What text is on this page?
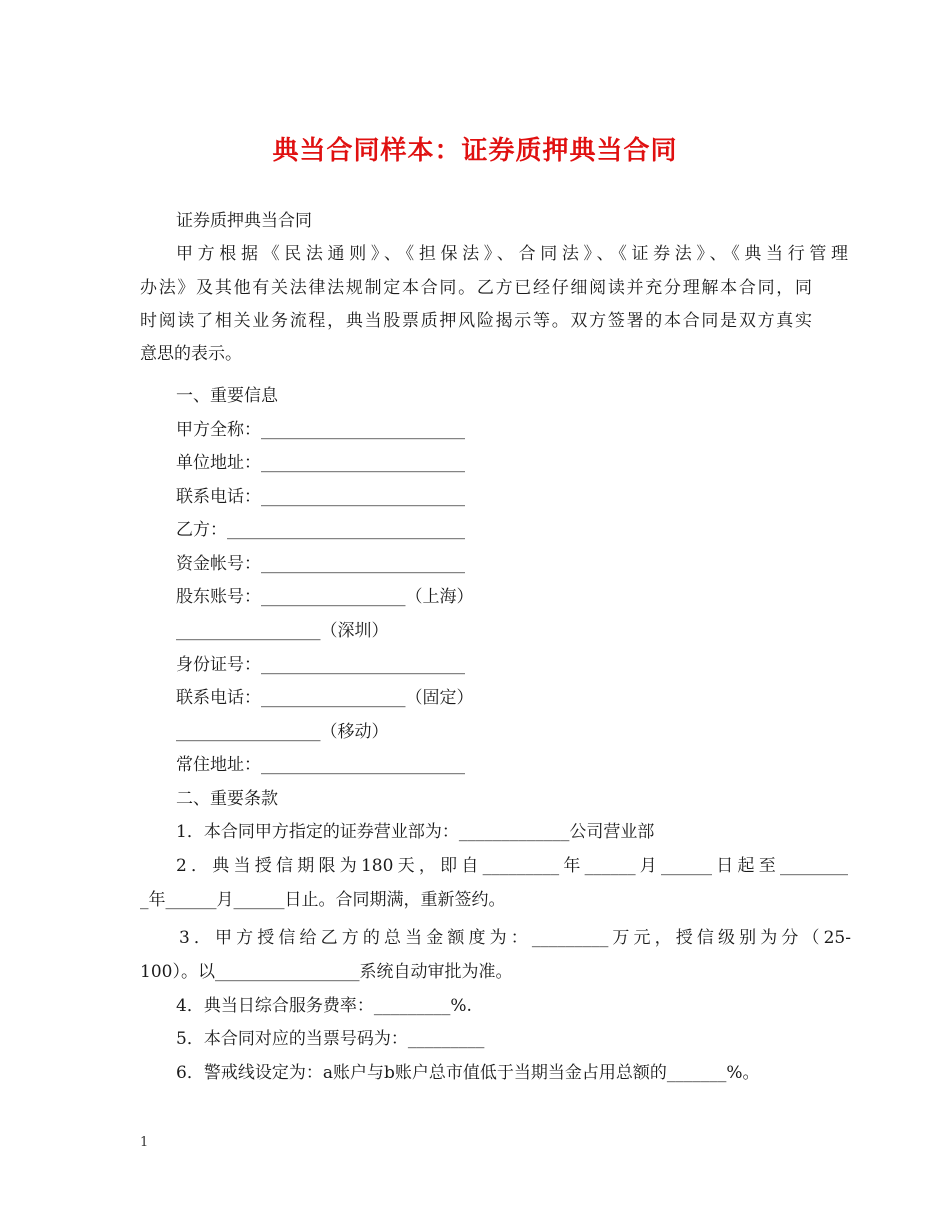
典当合同样本：证券质押典当合同
证券质押典当合同
甲方根据《民法通则》、《担保法》、合同法》、《证券法》、《典当行管理
办法》及其他有关法律法规制定本合同。乙方已经仔细阅读并充分理解本合同，同
时阅读了相关业务流程，典当股票质押风险揭示等。双方签署的本合同是双方真实
意思的表示。
一、重要信息
甲方全称：________________________
单位地址：________________________
联系电话：________________________
乙方：____________________________
资金帐号：________________________
股东账号：_________________（上海）
_________________（深圳）
身份证号：________________________
联系电话：_________________（固定）
_________________（移动）
常住地址：________________________
二、重要条款
1．本合同甲方指定的证券营业部为：_____________公司营业部
2．典当授信期限为180天，即自_________年______月______日起至________
_年______月______日止。合同期满，重新签约。
3．甲方授信给乙方的总当金额度为：_________万元，授信级别为分（25-
100）。以_________________系统自动审批为准。
4．典当日综合服务费率：_________%.
5．本合同对应的当票号码为：_________
6．警戒线设定为：a账户与b账户总市值低于当期当金占用总额的_______%。
1
